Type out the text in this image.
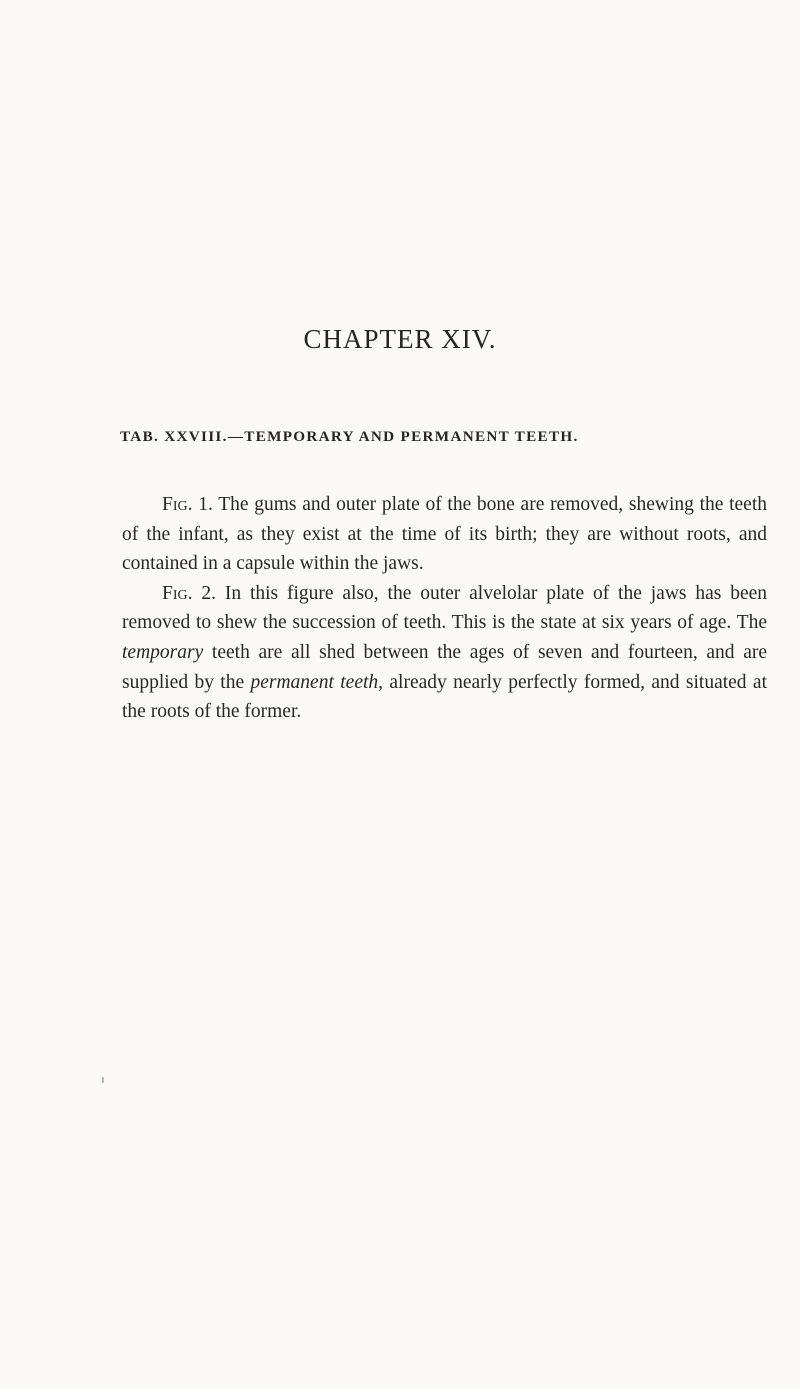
CHAPTER XIV.
TAB. XXVIII.—TEMPORARY AND PERMANENT TEETH.

Fig. 1. The gums and outer plate of the bone are removed, shewing the teeth of the infant, as they exist at the time of its birth; they are without roots, and contained in a capsule within the jaws.

Fig. 2. In this figure also, the outer alvelolar plate of the jaws has been removed to shew the succession of teeth. This is the state at six years of age. The temporary teeth are all shed between the ages of seven and fourteen, and are supplied by the permanent teeth, already nearly perfectly formed, and situated at the roots of the former.
